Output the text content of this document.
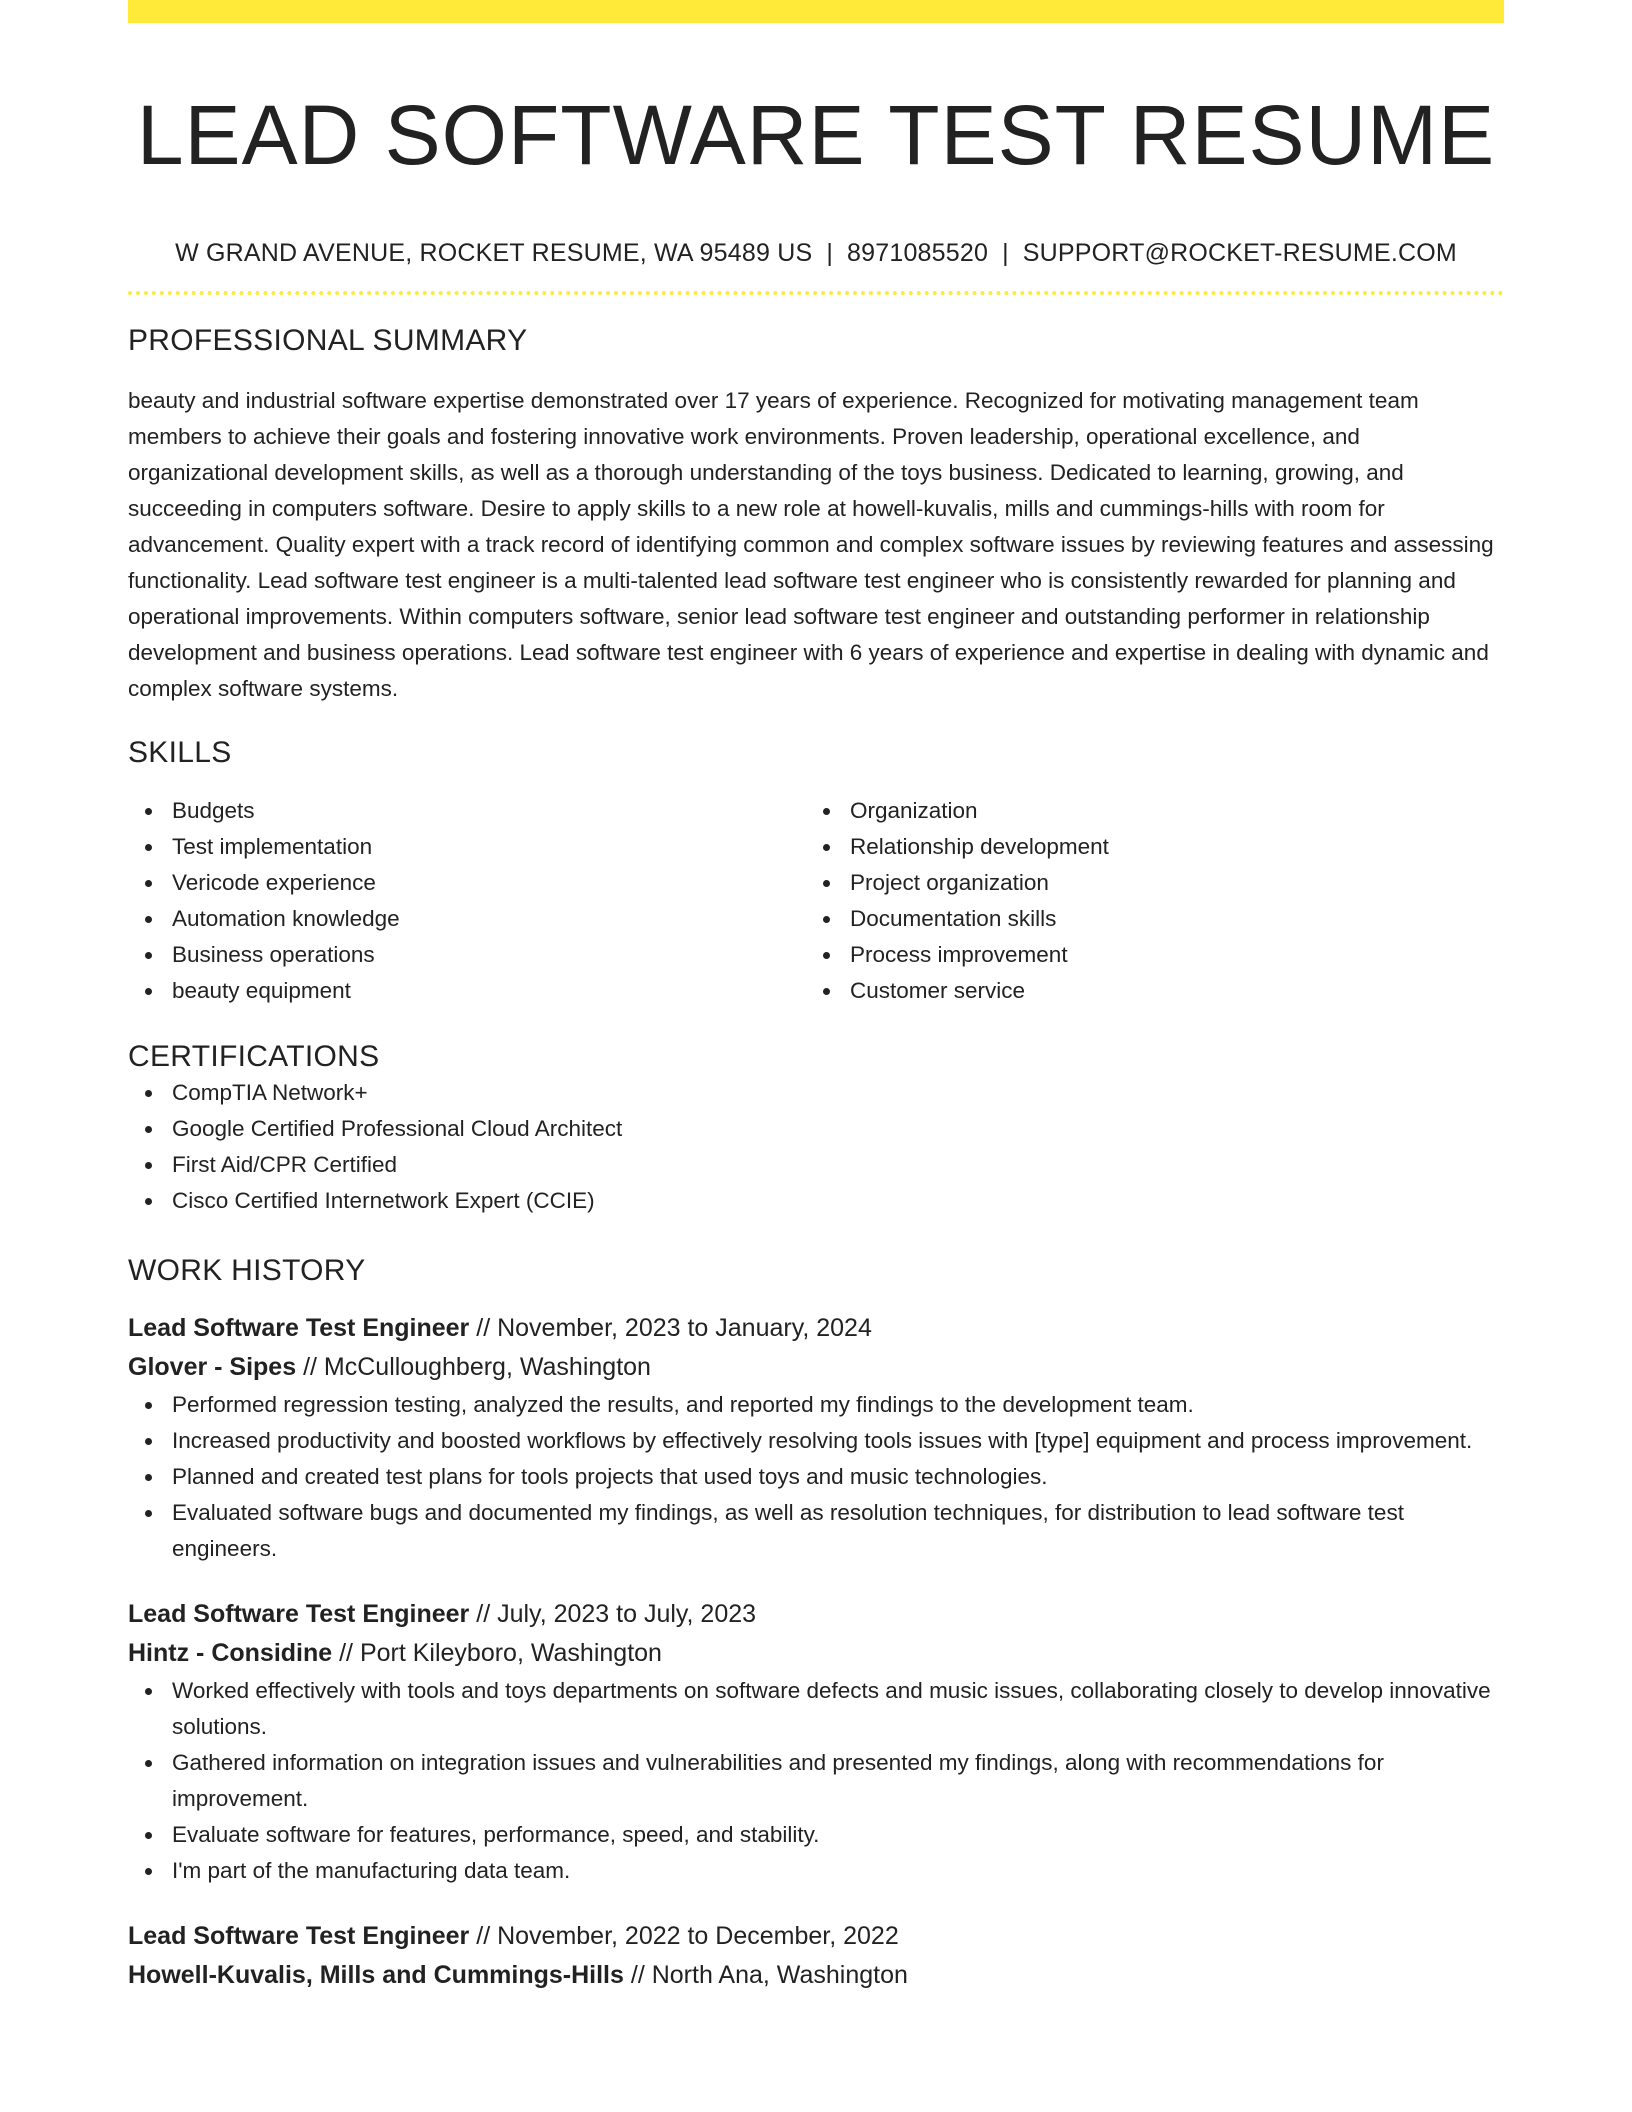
LEAD SOFTWARE TEST RESUME
W GRAND AVENUE, ROCKET RESUME, WA 95489 US | 8971085520 | SUPPORT@ROCKET-RESUME.COM
PROFESSIONAL SUMMARY

beauty and industrial software expertise demonstrated over 17 years of experience. Recognized for motivating management team members to achieve their goals and fostering innovative work environments. Proven leadership, operational excellence, and organizational development skills, as well as a thorough understanding of the toys business. Dedicated to learning, growing, and succeeding in computers software. Desire to apply skills to a new role at howell-kuvalis, mills and cummings-hills with room for advancement. Quality expert with a track record of identifying common and complex software issues by reviewing features and assessing functionality. Lead software test engineer is a multi-talented lead software test engineer who is consistently rewarded for planning and operational improvements. Within computers software, senior lead software test engineer and outstanding performer in relationship development and business operations. Lead software test engineer with 6 years of experience and expertise in dealing with dynamic and complex software systems.

SKILLS
Budgets
Test implementation
Vericode experience
Automation knowledge
Business operations
beauty equipment
Organization
Relationship development
Project organization
Documentation skills
Process improvement
Customer service
CERTIFICATIONS
CompTIA Network+
Google Certified Professional Cloud Architect
First Aid/CPR Certified
Cisco Certified Internetwork Expert (CCIE)
WORK HISTORY
Lead Software Test Engineer // November, 2023 to January, 2024
Glover - Sipes // McCulloughberg, Washington
Performed regression testing, analyzed the results, and reported my findings to the development team.
Increased productivity and boosted workflows by effectively resolving tools issues with [type] equipment and process improvement.
Planned and created test plans for tools projects that used toys and music technologies.
Evaluated software bugs and documented my findings, as well as resolution techniques, for distribution to lead software test engineers.
Lead Software Test Engineer // July, 2023 to July, 2023
Hintz - Considine // Port Kileyboro, Washington
Worked effectively with tools and toys departments on software defects and music issues, collaborating closely to develop innovative solutions.
Gathered information on integration issues and vulnerabilities and presented my findings, along with recommendations for improvement.
Evaluate software for features, performance, speed, and stability.
I'm part of the manufacturing data team.
Lead Software Test Engineer // November, 2022 to December, 2022
Howell-Kuvalis, Mills and Cummings-Hills // North Ana, Washington
